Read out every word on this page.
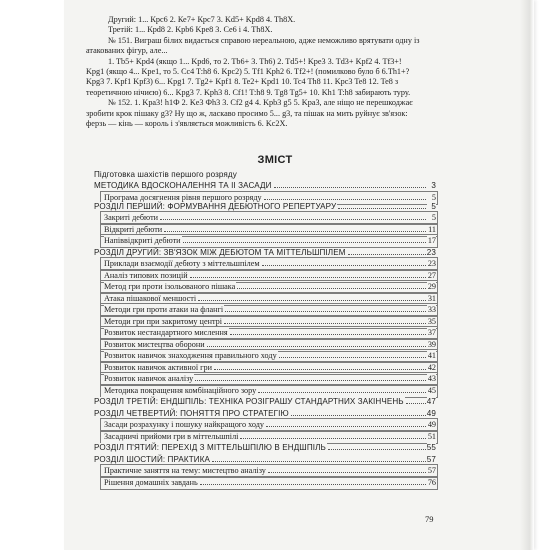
Другий: 1... Крс6 2. Ке7+ Крс7 3. Kd5+ Kpd8 4. Th8X.

Третій: 1... Крd8 2. Kpb6 Kpe8 3. Се6 і 4. Th8X.

№ 151. Виграш білих видається справою нереальною, адже неможливо врятувати одну із

атакованих фігур, але...

1. Tb5+ Kpd4 (якщо 1... Kpd6, то 2. Tb6+ 3. Th6) 2. Td5+! Kpe3 3. Td3+ Kpf2 4. Tf3+!

Kpg1 (якщо 4... Kpe1, то 5. Cc4 T:h8 6. Kpc2) 5. Tf1 Kph2 6. Tf2+! (помилково було б 6.Th1+?

Kpg3 7. Kpf1 Kpf3) 6... Kpg1 7. Tg2+ Kpf1 8. Te2+ Kpd1 10. Tc4 Th8 11. Kpc3 Te8 12. Te8 з

теоретичною нічиєю) 6... Kpg3 7. Kph3 8. Cf1! T:h8 9. Tg8 Tg5+ 10. Kh1 T:h8 забирають туру.

№ 152. 1. Kpa3! h1Ф 2. Ke3 Фh3 3. Cf2 g4 4. Kpb3 g5 5. Kpa3, але ніщо не перешкоджає

зробити крок пішаку g3? Ну що ж, ласкаво просимо 5... g3, та пішак на мить руйнує зв'язок:

ферзь — кінь — король і з'являється можливість 6. Kc2X.

ЗМІСТ
Підготовка шахістів першого розряду
МЕТОДИКА ВДОСКОНАЛЕННЯ ТА ІІ ЗАСАДИ	3
Програма досягнення рівня першого розряду	5
РОЗДІЛ ПЕРШИЙ: ФОРМУВАННЯ ДЕБЮТНОГО РЕПЕРТУАРУ	5
Закриті дебюти	5
Відкриті дебюти	11
Напіввідкриті дебюти	17
РОЗДІЛ ДРУГИЙ: ЗВ'ЯЗОК МІЖ ДЕБЮТОМ ТА МІТТЕЛЬШПІЛЕМ	23
Приклади взаємодії дебюту з міттельшпілем	23
Аналіз типових позицій	27
Метод гри проти ізольованого пішака	29
Атака пішакової меншості	31
Методи гри проти атаки на флангі	33
Методи гри при закритому центрі	35
Розвиток нестандартного мислення	37
Розвиток мистецтва оборони	39
Розвиток навичок знаходження правильного ходу	41
Розвиток навичок активної гри	42
Розвиток навичок аналізу	43
Методика покращення комбінаційного зору	45
РОЗДІЛ ТРЕТІЙ: ЕНДШПІЛЬ: ТЕХНІКА РОЗІГРАШУ СТАНДАРТНИХ ЗАКІНЧЕНЬ	47
РОЗДІЛ ЧЕТВЕРТИЙ: ПОНЯТТЯ ПРО СТРАТЕГІЮ	49
Засади розрахунку і пошуку найкращого ходу	49
Засадничі прийоми гри в міттельшпілі	51
РОЗДІЛ П'ЯТИЙ: ПЕРЕХІД З МІТТЕЛЬШПІЛЮ В ЕНДШПІЛЬ	55
РОЗДІЛ ШОСТИЙ: ПРАКТИКА	57
Практичне заняття на тему: мистецтво аналізу	57
Рішення домашніх завдань	76
79
